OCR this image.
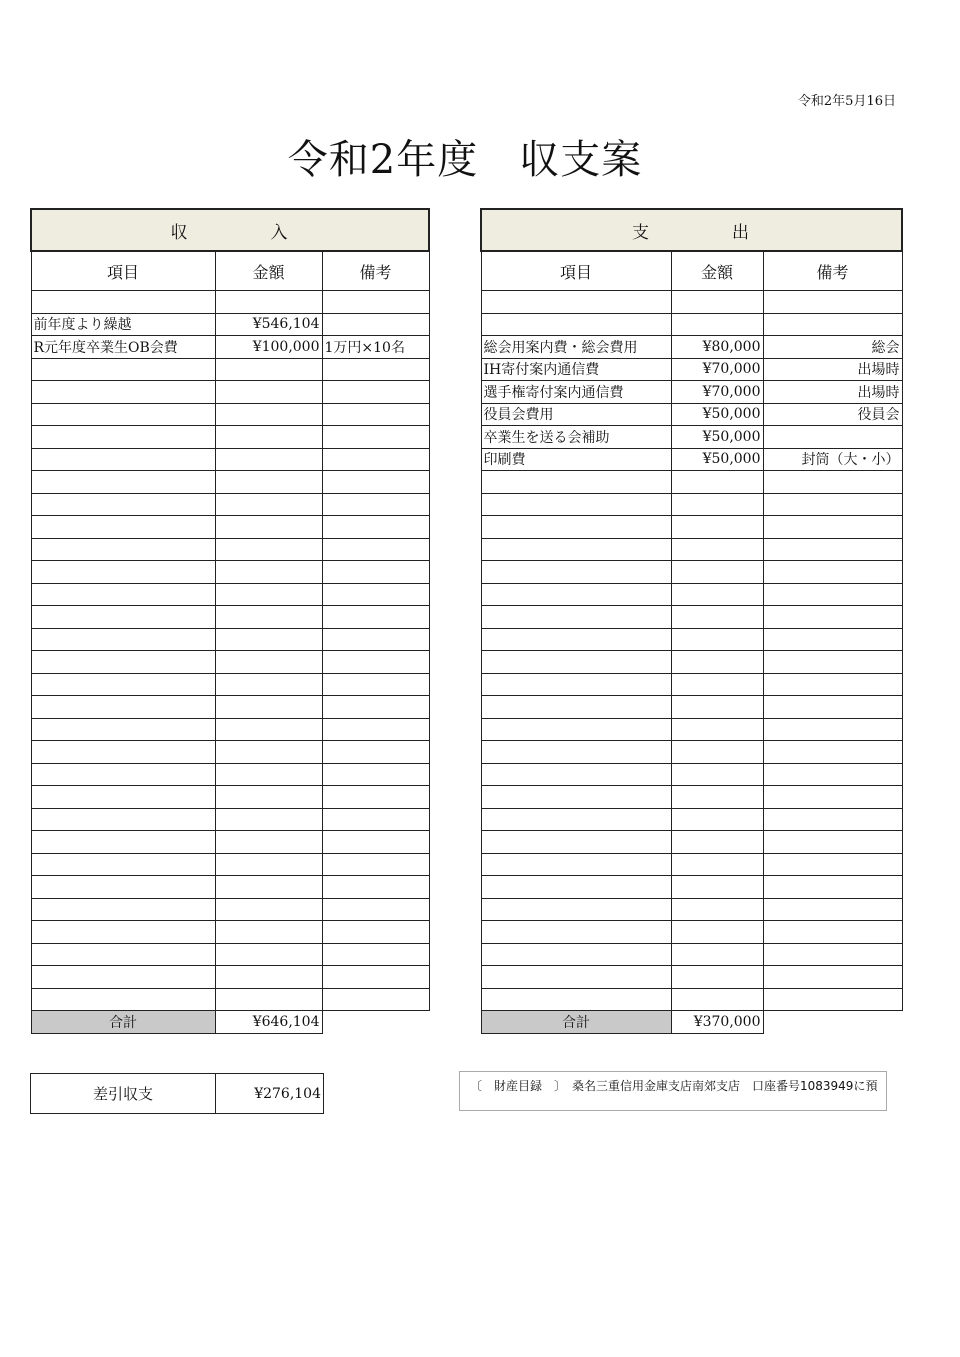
令和2年5月16日
令和2年度　収支案
収 入		
項目	金額	備考

前年度より繰越	¥546,104	
R元年度卒業生OB会費	¥100,000	1万円×10名

合計	¥646,104	
支 出		
項目	金額	備考

総会用案内費・総会費用	¥80,000	総会
IH寄付案内通信費	¥70,000	出場時
選手権寄付案内通信費	¥70,000	出場時
役員会費用	¥50,000	役員会
卒業生を送る会補助	¥50,000	
印刷費	¥50,000	封筒（大・小）

合計	¥370,000	
差引収支	¥276,104	〔　財産目録　〕　桑名三重信用金庫支店南郊支店　口座番号1083949に預
